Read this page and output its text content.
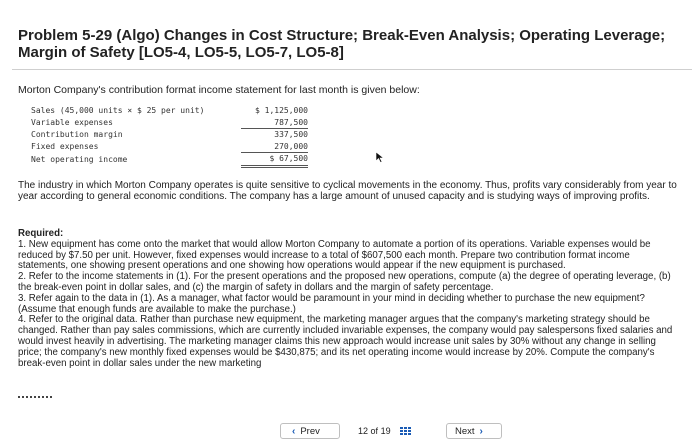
Problem 5-29 (Algo) Changes in Cost Structure; Break-Even Analysis; Operating Leverage; Margin of Safety [LO5-4, LO5-5, LO5-7, LO5-8]
Morton Company's contribution format income statement for last month is given below:
Sales (45,000 units × $ 25 per unit)	$ 1,125,000
Variable expenses	787,500
Contribution margin	337,500
Fixed expenses	270,000
Net operating income	$ 67,500
The industry in which Morton Company operates is quite sensitive to cyclical movements in the economy. Thus, profits vary considerably from year to year according to general economic conditions. The company has a large amount of unused capacity and is studying ways of improving profits.

Required:

1. New equipment has come onto the market that would allow Morton Company to automate a portion of its operations. Variable expenses would be reduced by $7.50 per unit. However, fixed expenses would increase to a total of $607,500 each month. Prepare two contribution format income statements, one showing present operations and one showing how operations would appear if the new equipment is purchased.

2. Refer to the income statements in (1). For the present operations and the proposed new operations, compute (a) the degree of operating leverage, (b) the break-even point in dollar sales, and (c) the margin of safety in dollars and the margin of safety percentage.

3. Refer again to the data in (1). As a manager, what factor would be paramount in your mind in deciding whether to purchase the new equipment? (Assume that enough funds are available to make the purchase.)

4. Refer to the original data. Rather than purchase new equipment, the marketing manager argues that the company's marketing strategy should be changed. Rather than pay sales commissions, which are currently included invariable expenses, the company would pay salespersons fixed salaries and would invest heavily in advertising. The marketing manager claims this new approach would increase unit sales by 30% without any change in selling price; the company's new monthly fixed expenses would be $430,875; and its net operating income would increase by 20%. Compute the company's break-even point in dollar sales under the new marketing

‹ Prev	12
of
19	Next ›
